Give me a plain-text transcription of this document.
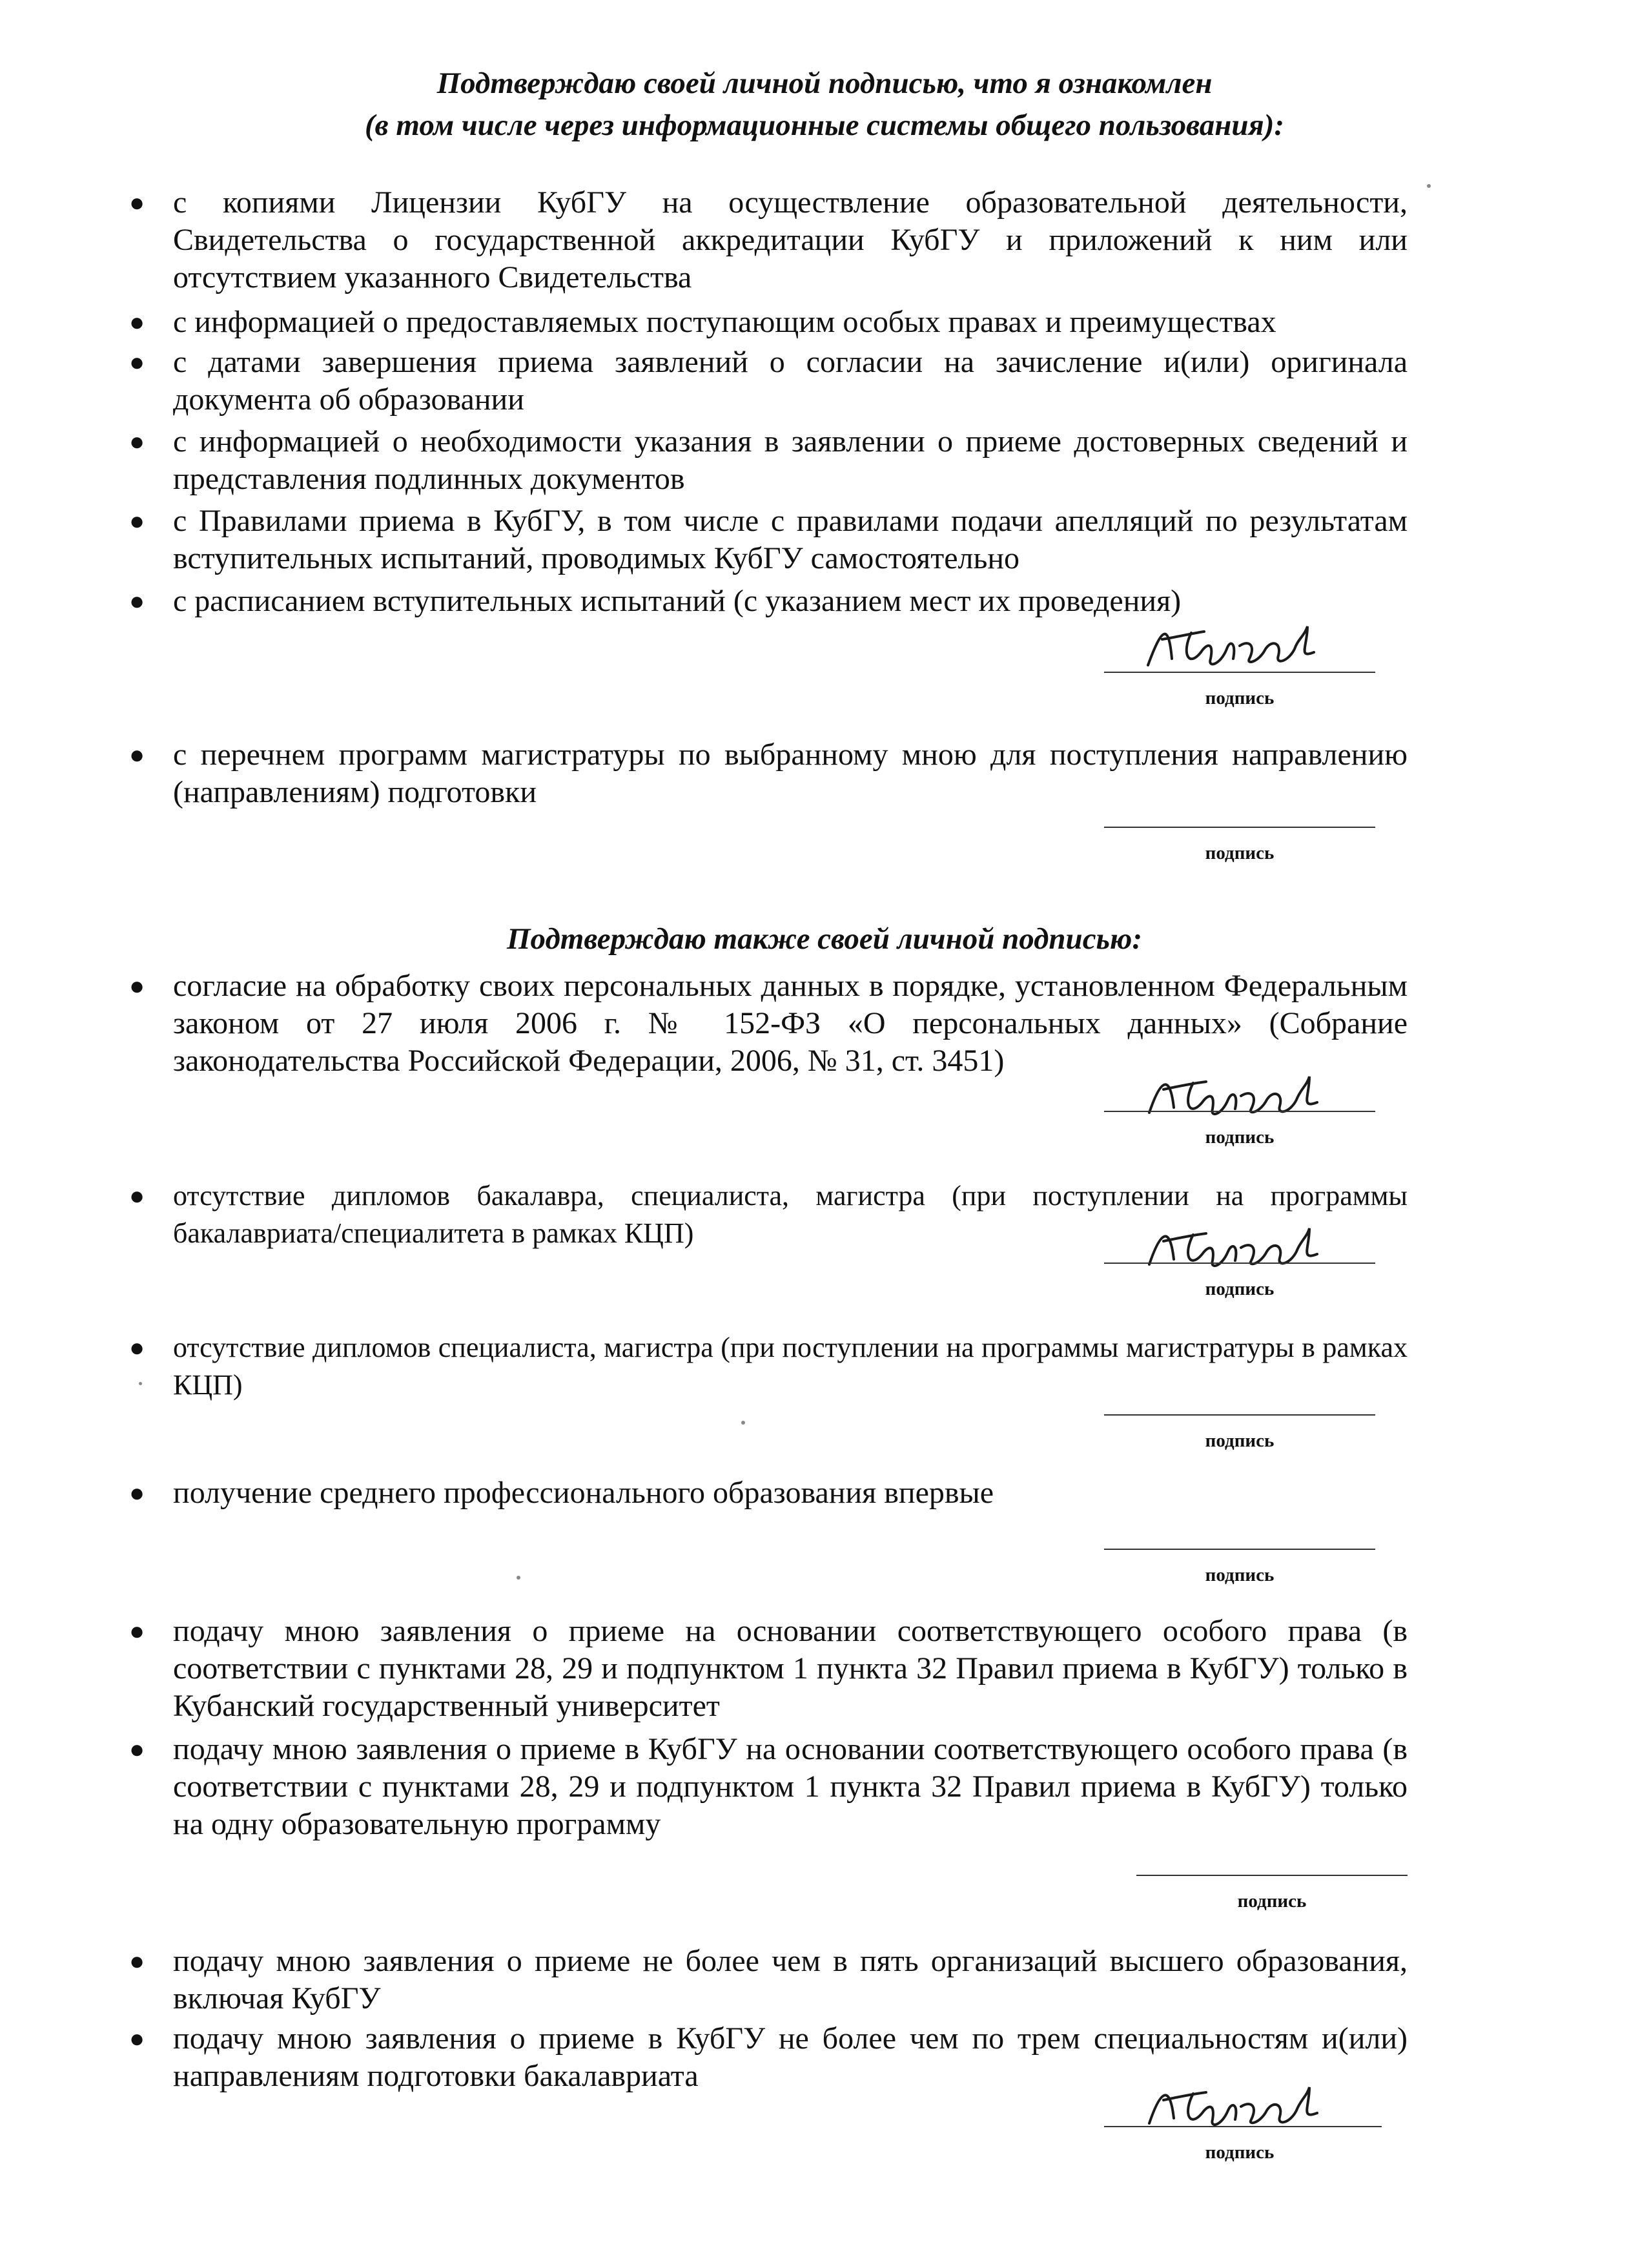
Подтверждаю своей личной подписью, что я ознакомлен

(в том числе через информационные системы общего пользования):

● с копиями Лицензии КубГУ на осуществление образовательной деятельности, Свидетельства о государственной аккредитации КубГУ и приложений к ним или отсутствием указанного Свидетельства

● с информацией о предоставляемых поступающим особых правах и преимуществах

● с датами завершения приема заявлений о согласии на зачисление и(или) оригинала документа об образовании

● с информацией о необходимости указания в заявлении о приеме достоверных сведений и представления подлинных документов

● с Правилами приема в КубГУ, в том числе с правилами подачи апелляций по результатам вступительных испытаний, проводимых КубГУ самостоятельно

● с расписанием вступительных испытаний (с указанием мест их проведения)

подпись
● с перечнем программ магистратуры по выбранному мною для поступления направлению (направлениям) подготовки

подпись

Подтверждаю также своей личной подписью:

● согласие на обработку своих персональных данных в порядке, установленном Федеральным законом от 27 июля 2006 г. № 152-ФЗ «О персональных данных» (Собрание законодательства Российской Федерации, 2006, № 31, ст. 3451)

подпись
● отсутствие дипломов бакалавра, специалиста, магистра (при поступлении на программы бакалавриата/специалитета в рамках КЦП)

подпись
● отсутствие дипломов специалиста, магистра (при поступлении на программы магистратуры в рамках КЦП)

подпись
● получение среднего профессионального образования впервые

подпись
● подачу мною заявления о приеме на основании соответствующего особого права (в соответствии с пунктами 28, 29 и подпунктом 1 пункта 32 Правил приема в КубГУ) только в Кубанский государственный университет

● подачу мною заявления о приеме в КубГУ на основании соответствующего особого права (в соответствии с пунктами 28, 29 и подпунктом 1 пункта 32 Правил приема в КубГУ) только на одну образовательную программу

подпись
● подачу мною заявления о приеме не более чем в пять организаций высшего образования, включая КубГУ

● подачу мною заявления о приеме в КубГУ не более чем по трем специальностям и(или) направлениям подготовки бакалавриата

подпись
